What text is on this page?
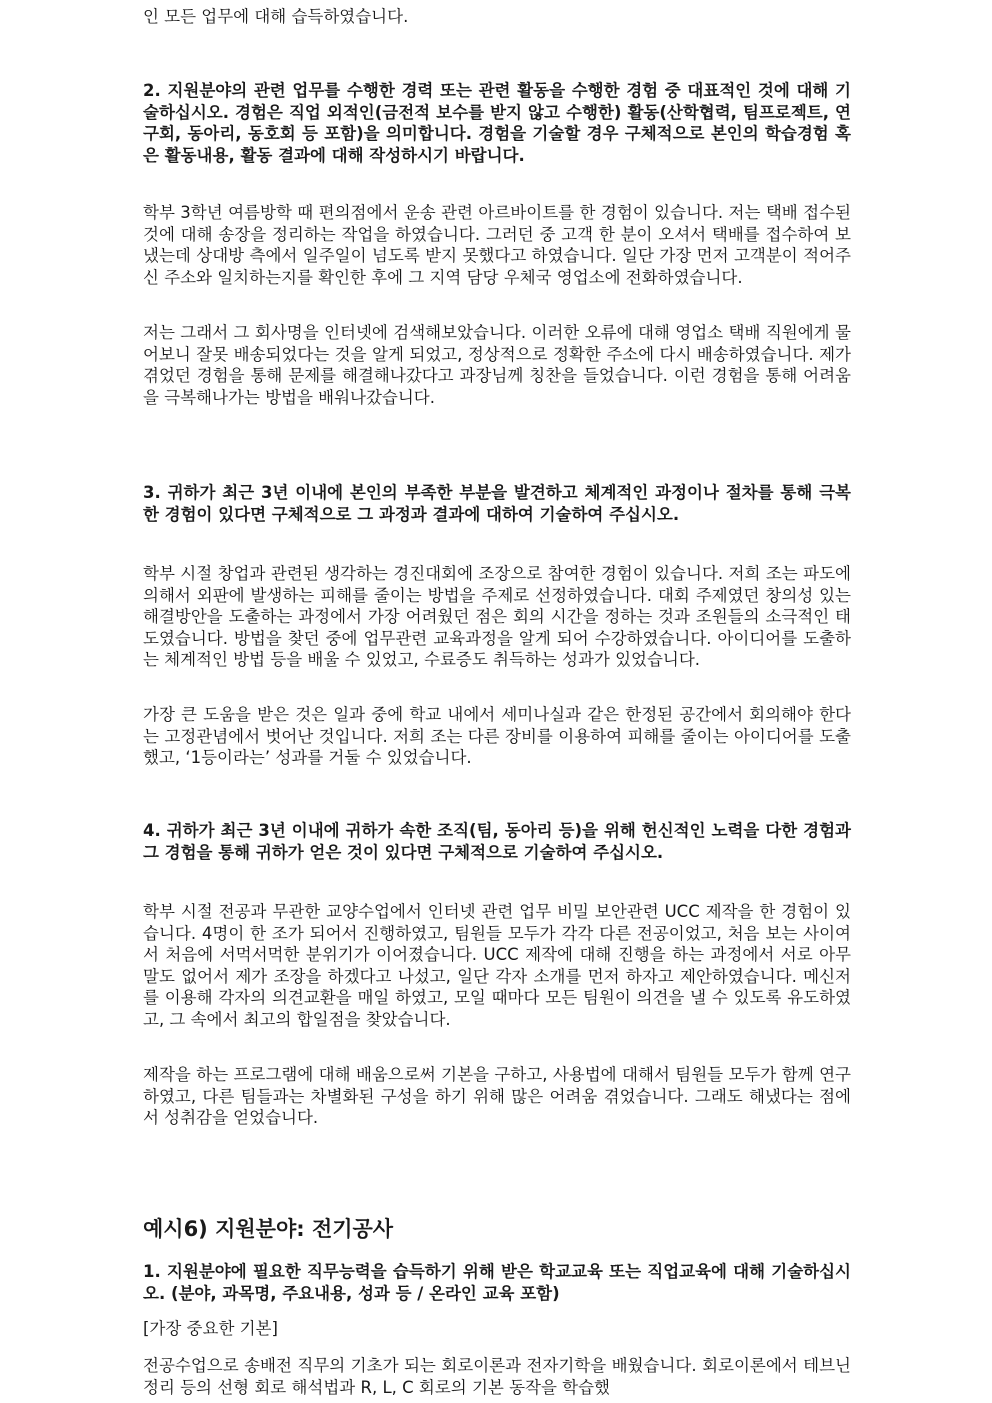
인 모든 업무에 대해 습득하였습니다.

2. 지원분야의 관련 업무를 수행한 경력 또는 관련 활동을 수행한 경험 중 대표적인 것에 대해 기술하십시오. 경험은 직업 외적인(금전적 보수를 받지 않고 수행한) 활동(산학협력, 팀프로젝트, 연구회, 동아리, 동호회 등 포함)을 의미합니다. 경험을 기술할 경우 구체적으로 본인의 학습경험 혹은 활동내용, 활동 결과에 대해 작성하시기 바랍니다.

학부 3학년 여름방학 때 편의점에서 운송 관련 아르바이트를 한 경험이 있습니다. 저는 택배 접수된 것에 대해 송장을 정리하는 작업을 하였습니다. 그러던 중 고객 한 분이 오셔서 택배를 접수하여 보냈는데 상대방 측에서 일주일이 넘도록 받지 못했다고 하였습니다. 일단 가장 먼저 고객분이 적어주신 주소와 일치하는지를 확인한 후에 그 지역 담당 우체국 영업소에 전화하였습니다.

저는 그래서 그 회사명을 인터넷에 검색해보았습니다. 이러한 오류에 대해 영업소 택배 직원에게 물어보니 잘못 배송되었다는 것을 알게 되었고, 정상적으로 정확한 주소에 다시 배송하였습니다. 제가 겪었던 경험을 통해 문제를 해결해나갔다고 과장님께 칭찬을 들었습니다. 이런 경험을 통해 어려움을 극복해나가는 방법을 배워나갔습니다.

3. 귀하가 최근 3년 이내에 본인의 부족한 부분을 발견하고 체계적인 과정이나 절차를 통해 극복한 경험이 있다면 구체적으로 그 과정과 결과에 대하여 기술하여 주십시오.

학부 시절 창업과 관련된 생각하는 경진대회에 조장으로 참여한 경험이 있습니다. 저희 조는 파도에 의해서 외판에 발생하는 피해를 줄이는 방법을 주제로 선정하였습니다. 대회 주제였던 창의성 있는 해결방안을 도출하는 과정에서 가장 어려웠던 점은 회의 시간을 정하는 것과 조원들의 소극적인 태도였습니다. 방법을 찾던 중에 업무관련 교육과정을 알게 되어 수강하였습니다. 아이디어를 도출하는 체계적인 방법 등을 배울 수 있었고, 수료증도 취득하는 성과가 있었습니다.

가장 큰 도움을 받은 것은 일과 중에 학교 내에서 세미나실과 같은 한정된 공간에서 회의해야 한다는 고정관념에서 벗어난 것입니다. 저희 조는 다른 장비를 이용하여 피해를 줄이는 아이디어를 도출했고, ‘1등이라는’ 성과를 거둘 수 있었습니다.

4. 귀하가 최근 3년 이내에 귀하가 속한 조직(팀, 동아리 등)을 위해 헌신적인 노력을 다한 경험과 그 경험을 통해 귀하가 얻은 것이 있다면 구체적으로 기술하여 주십시오.

학부 시절 전공과 무관한 교양수업에서 인터넷 관련 업무 비밀 보안관련 UCC 제작을 한 경험이 있습니다. 4명이 한 조가 되어서 진행하였고, 팀원들 모두가 각각 다른 전공이었고, 처음 보는 사이여서 처음에 서먹서먹한 분위기가 이어졌습니다. UCC 제작에 대해 진행을 하는 과정에서 서로 아무 말도 없어서 제가 조장을 하겠다고 나섰고, 일단 각자 소개를 먼저 하자고 제안하였습니다. 메신저를 이용해 각자의 의견교환을 매일 하였고, 모일 때마다 모든 팀원이 의견을 낼 수 있도록 유도하였고, 그 속에서 최고의 합일점을 찾았습니다.

제작을 하는 프로그램에 대해 배움으로써 기본을 구하고, 사용법에 대해서 팀원들 모두가 함께 연구하였고, 다른 팀들과는 차별화된 구성을 하기 위해 많은 어려움 겪었습니다. 그래도 해냈다는 점에서 성취감을 얻었습니다.

예시6) 지원분야: 전기공사

1. 지원분야에 필요한 직무능력을 습득하기 위해 받은 학교교육 또는 직업교육에 대해 기술하십시오. (분야, 과목명, 주요내용, 성과 등 / 온라인 교육 포함)

[가장 중요한 기본]

전공수업으로 송배전 직무의 기초가 되는 회로이론과 전자기학을 배웠습니다. 회로이론에서 테브닌 정리 등의 선형 회로 해석법과 R, L, C 회로의 기본 동작을 학습했
